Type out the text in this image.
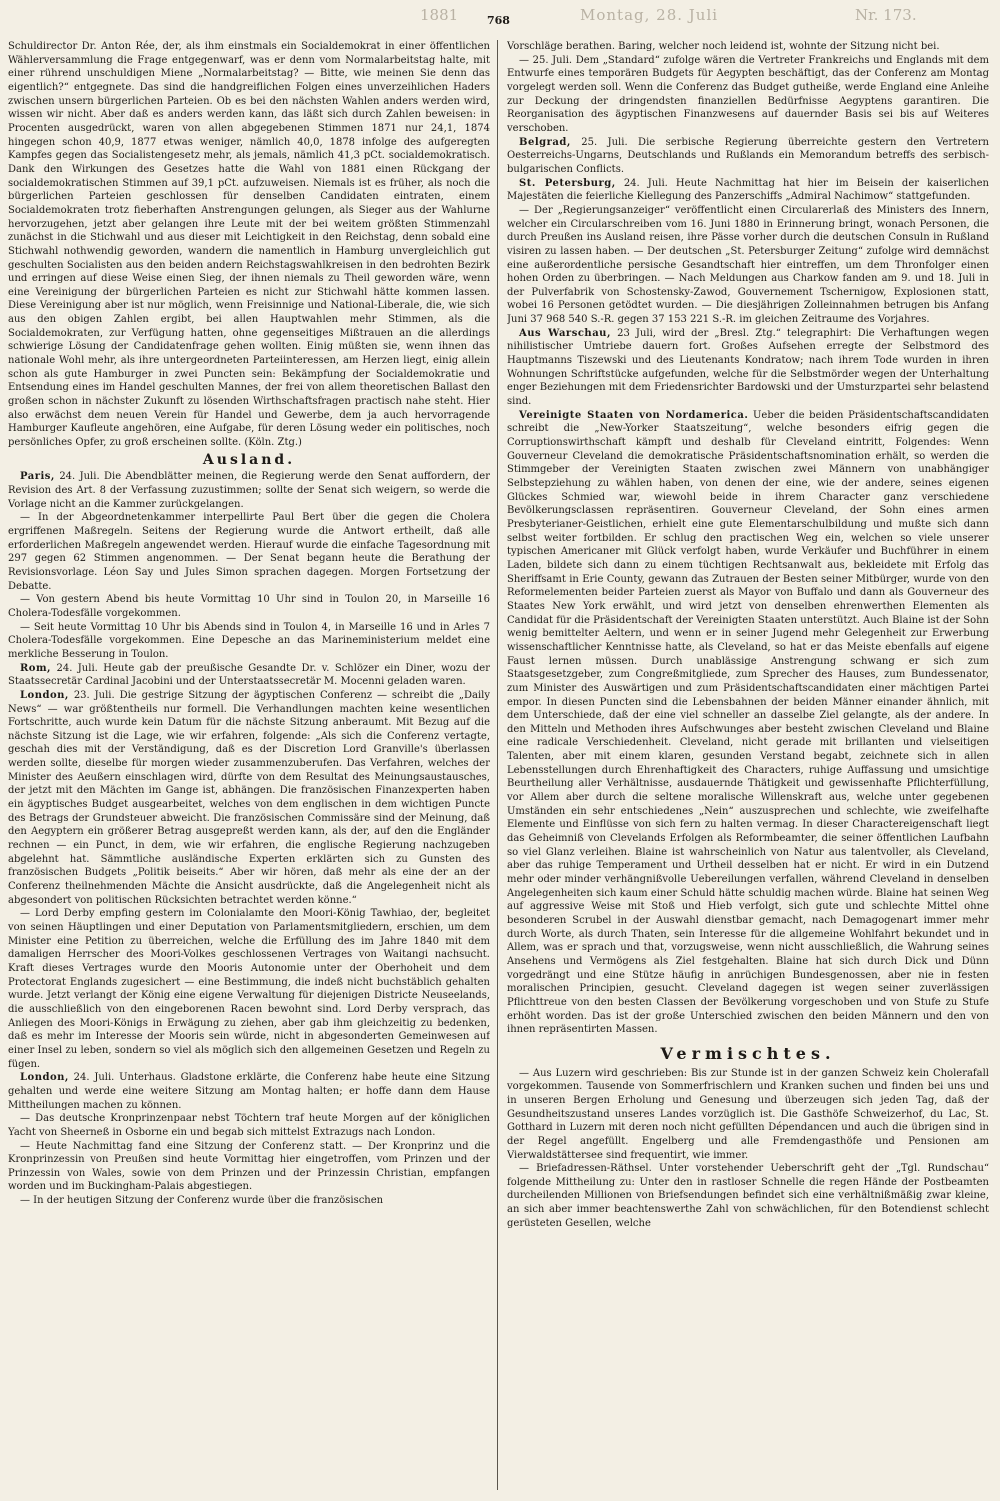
1881	768	Montag, 28. Juli	Nr. 173.

Schuldirector Dr. Anton Rée, der, als ihm einstmals ein Socialdemokrat in einer öffentlichen Wählerversammlung die Frage entgegenwarf, was er denn vom Normalarbeitstag halte, mit einer rührend unschuldigen Miene „Normalarbeitstag? — Bitte, wie meinen Sie denn das eigentlich?“ entgegnete. Das sind die handgreiflichen Folgen eines unverzeihlichen Haders zwischen unsern bürgerlichen Parteien. Ob es bei den nächsten Wahlen anders werden wird, wissen wir nicht. Aber daß es anders werden kann, das läßt sich durch Zahlen beweisen: in Procenten ausgedrückt, waren von allen abgegebenen Stimmen 1871 nur 24,1, 1874 hingegen schon 40,9, 1877 etwas weniger, nämlich 40,0, 1878 infolge des aufgeregten Kampfes gegen das Socialistengesetz mehr, als jemals, nämlich 41,3 pCt. socialdemokratisch. Dank den Wirkungen des Gesetzes hatte die Wahl von 1881 einen Rückgang der socialdemokratischen Stimmen auf 39,1 pCt. aufzuweisen. Niemals ist es früher, als noch die bürgerlichen Parteien geschlossen für denselben Candidaten eintraten, einem Socialdemokraten trotz fieberhaften Anstrengungen gelungen, als Sieger aus der Wahlurne hervorzugehen, jetzt aber gelangen ihre Leute mit der bei weitem größten Stimmenzahl zunächst in die Stichwahl und aus dieser mit Leichtigkeit in den Reichstag, denn sobald eine Stichwahl nothwendig geworden, wandern die namentlich in Hamburg unverglеichlich gut geschulten Socialisten aus den beiden andern Reichstagswahlkreisen in den bedrohten Bezirk und erringen auf diese Weise einen Sieg, der ihnen niemals zu Theil geworden wäre, wenn eine Vereinigung der bürgerlichen Parteien es nicht zur Stichwahl hätte kommen lassen. Diese Vereinigung aber ist nur möglich, wenn Freisinnige und National-Liberale, die, wie sich aus den obigen Zahlen ergibt, bei allen Hauptwahlen mehr Stimmen, als die Socialdemokraten, zur Verfügung hatten, ohne gegenseitiges Mißtrauen an die allerdings schwierige Lösung der Candidatenfrage gehen wollten. Einig müßten sie, wenn ihnen das nationale Wohl mehr, als ihre untergeordneten Parteiinteressen, am Herzen liegt, einig allein schon als gute Hamburger in zwei Puncten sein: Bekämpfung der Socialdemokratie und Entsendung eines im Handel geschulten Mannes, der frei von allem theoretischen Ballast den großen schon in nächster Zukunft zu lösenden Wirthschaftsfragen practisch nahe steht. Hier also erwächst dem neuen Verein für Handel und Gewerbe, dem ja auch hervorragende Hamburger Kaufleute angehören, eine Aufgabe, für deren Lösung weder ein politisches, noch persönliches Opfer, zu groß erscheinen sollte. (Köln. Ztg.)

Ausland.

Paris, 24. Juli. Die Abendblätter meinen, die Regierung werde den Senat auffordern, der Revision des Art. 8 der Verfassung zuzustimmen; sollte der Senat sich weigern, so werde die Vorlage nicht an die Kammer zurückgelangen.

— In der Abgeordnetenkammer interpellirte Paul Bert über die gegen die Cholera ergriffenen Maßregeln. Seitens der Regierung wurde die Antwort ertheilt, daß alle erforderlichen Maßregeln angewendet werden. Hierauf wurde die einfache Tagesordnung mit 297 gegen 62 Stimmen angenommen. — Der Senat begann heute die Berathung der Revisionsvorlage. Léon Say und Jules Simon sprachen dagegen. Morgen Fortsetzung der Debatte.

— Von gestern Abend bis heute Vormittag 10 Uhr sind in Toulon 20, in Marseille 16 Cholera-Todesfälle vorgekommen.

— Seit heute Vormittag 10 Uhr bis Abends sind in Toulon 4, in Marseille 16 und in Arles 7 Cholera-Todesfälle vorgekommen. Eine Depesche an das Marineministerium meldet eine merkliche Besserung in Toulon.

Rom, 24. Juli. Heute gab der preußische Gesandte Dr. v. Schlözer ein Diner, wozu der Staatssecretär Cardinal Jacobini und der Unterstaatssecretär M. Mocenni geladen waren.

London, 23. Juli. Die gestrige Sitzung der ägyptischen Conferenz — schreibt die „Daily News“ — war größtentheils nur formell. Die Verhandlungen machten keine wesentlichen Fortschritte, auch wurde kein Datum für die nächste Sitzung anberaumt. Mit Bezug auf die nächste Sitzung ist die Lage, wie wir erfahren, folgende: „Als sich die Conferenz vertagte, geschah dies mit der Verständigung, daß es der Discretion Lord Granville's überlassen werden sollte, dieselbe für morgen wieder zusammenzuberufen. Das Verfahren, welches der Minister des Aeußern einschlagen wird, dürfte von dem Resultat des Meinungsaustausches, der jetzt mit den Mächten im Gange ist, abhängen. Die französischen Finanzexperten haben ein ägyptisches Budget ausgearbeitet, welches von dem englischen in dem wichtigen Puncte des Betrags der Grundsteuer abweicht. Die französischen Commissäre sind der Meinung, daß den Aegyptern ein größerer Betrag ausgepreßt werden kann, als der, auf den die Engländer rechnen — ein Punct, in dem, wie wir erfahren, die englische Regierung nachzugeben abgelehnt hat. Sämmtliche ausländische Experten erklärten sich zu Gunsten des französischen Budgets „Politik beiseits.“ Aber wir hören, daß mehr als eine der an der Conferenz theilnehmenden Mächte die Ansicht ausdrückte, daß die Angelegenheit nicht als abgesondert von politischen Rücksichten betrachtet werden könne.“

— Lord Derby empfing gestern im Colonialamte den Moori-König Tawhiao, der, begleitet von seinen Häuptlingen und einer Deputation von Parlamentsmitgliedern, erschien, um dem Minister eine Petition zu überreichen, welche die Erfüllung des im Jahre 1840 mit dem damaligen Herrscher des Moori-Volkes geschlossenen Vertrages von Waitangi nachsucht. Kraft dieses Vertrages wurde den Mooris Autonomie unter der Oberhoheit und dem Protectorat Englands zugesichert — eine Bestimmung, die indeß nicht buchstäblich gehalten wurde. Jetzt verlangt der König eine eigene Verwaltung für diejenigen Districte Neuseelands, die ausschließlich von den eingeborenen Racen bewohnt sind. Lord Derby versprach, das Anliegen des Moori-Königs in Erwägung zu ziehen, aber gab ihm gleichzeitig zu bedenken, daß es mehr im Interesse der Mooris sein würde, nicht in abgesonderten Gemeinwesen auf einer Insel zu leben, sondern so viel als möglich sich den allgemeinen Gesetzen und Regeln zu fügen.

London, 24. Juli. Unterhaus. Gladstone erklärte, die Conferenz habe heute eine Sitzung gehalten und werde eine weitere Sitzung am Montag halten; er hoffe dann dem Hause Mittheilungen machen zu können.

— Das deutsche Kronprinzenpaar nebst Töchtern traf heute Morgen auf der königlichen Yacht von Sheerneß in Osborne ein und begab sich mittelst Extrazugs nach London.

— Heute Nachmittag fand eine Sitzung der Conferenz statt. — Der Kronprinz und die Kronprinzessin von Preußen sind heute Vormittag hier eingetroffen, vom Prinzen und der Prinzessin von Wales, sowie von dem Prinzen und der Prinzessin Christian, empfangen worden und im Buckingham-Palais abgestiegen.

— In der heutigen Sitzung der Conferenz wurde über die französischen

Vorschläge berathen. Baring, welcher noch leidend ist, wohnte der Sitzung nicht bei.

— 25. Juli. Dem „Standard“ zufolge wären die Vertreter Frankreichs und Englands mit dem Entwurfe eines temporären Budgets für Aegypten beschäftigt, das der Conferenz am Montag vorgelegt werden soll. Wenn die Conferenz das Budget gutheiße, werde England eine Anleihe zur Deckung der dringendsten finanziellen Bedürfnisse Aegyptens garantiren. Die Reorganisation des ägyptischen Finanzwesens auf dauernder Basis sei bis auf Weiteres verschoben.

Belgrad, 25. Juli. Die serbische Regierung überreichte gestern den Vertretern Oesterreichs-Ungarns, Deutschlands und Rußlands ein Memorandum betreffs des serbisch-bulgarischen Conflicts.

St. Petersburg, 24. Juli. Heute Nachmittag hat hier im Beisein der kaiserlichen Majestäten die feierliche Kiellegung des Panzerschiffs „Admiral Nachimow“ stattgefunden.

— Der „Regierungsanzeiger“ veröffentlicht einen Circularerlaß des Ministers des Innern, welcher ein Circularschreiben vom 16. Juni 1880 in Erinnerung bringt, wonach Personen, die durch Preußen ins Ausland reisen, ihre Pässe vorher durch die deutschen Consuln in Rußland visiren zu lassen haben. — Der deutschen „St. Petersburger Zeitung“ zufolge wird demnächst eine außerordentliche persische Gesandtschaft hier eintreffen, um dem Thronfolger einen hohen Orden zu überbringen. — Nach Meldungen aus Charkow fanden am 9. und 18. Juli in der Pulverfabrik von Schostensky-Zawod, Gouvernement Tschernigow, Explosionen statt, wobei 16 Personen getödtet wurden. — Die diesjährigen Zolleinnahmen betrugen bis Anfang Juni 37 968 540 S.-R. gegen 37 153 221 S.-R. im gleichen Zeitraume des Vorjahres.

Aus Warschau, 23 Juli, wird der „Bresl. Ztg.“ telegraphirt: Die Verhaftungen wegen nihilistischer Umtriebe dauern fort. Großes Aufsehen erregte der Selbstmord des Hauptmanns Tiszewski und des Lieutenants Kondratow; nach ihrem Tode wurden in ihren Wohnungen Schriftstücke aufgefunden, welche für die Selbstmörder wegen der Unterhaltung enger Beziehungen mit dem Friedensrichter Bardowski und der Umsturzpartei sehr belastend sind.

Vereinigte Staaten von Nordamerica. Ueber die beiden Präsidentschaftscandidaten schreibt die „New-Yorker Staatszeitung“, welche besonders eifrig gegen die Corruptionswirthschaft kämpft und deshalb für Cleveland eintritt, Folgendes: Wenn Gouverneur Cleveland die demokratische Präsidentschaftsnomination erhält, so werden die Stimmgeber der Vereinigten Staaten zwischen zwei Männern von unabhängiger Selbstерziehung zu wählen haben, von denen der eine, wie der andere, seines eigenen Glückes Schmied war, wiewohl beide in ihrem Character ganz verschiedene Bevölkerungsclassen repräsentiren. Gouverneur Cleveland, der Sohn eines armen Presbyterianer-Geistlichen, erhielt eine gute Elementarschulbildung und mußte sich dann selbst weiter fortbilden. Er schlug den practischen Weg ein, welchen so viele unserer typischen Americaner mit Glück verfolgt haben, wurde Verkäufer und Buchführer in einem Laden, bildete sich dann zu einem tüchtigen Rechtsanwalt aus, bekleidete mit Erfolg das Sheriffsamt in Erie County, gewann das Zutrauen der Besten seiner Mitbürger, wurde von den Reformelementen beider Parteien zuerst als Mayor von Buffalo und dann als Gouverneur des Staates New York erwählt, und wird jetzt von denselben ehrenwerthen Elementen als Candidat für die Präsidentschaft der Vereinigten Staaten unterstützt. Auch Blaine ist der Sohn wenig bemittelter Aeltern, und wenn er in seiner Jugend mehr Gelegenheit zur Erwerbung wissenschaftlicher Kenntnisse hatte, als Cleveland, so hat er das Meiste ebenfalls auf eigene Faust lernen müssen. Durch unablässige Anstrengung schwang er sich zum Staatsgesetzgeber, zum Congreßmitgliede, zum Sprecher des Hauses, zum Bundessenator, zum Minister des Auswärtigen und zum Präsidentschaftscandidaten einer mächtigen Partei empor. In diesen Puncten sind die Lebensbahnen der beiden Männer einander ähnlich, mit dem Unterschiede, daß der eine viel schneller an dasselbe Ziel gelangte, als der andere. In den Mitteln und Methoden ihres Aufschwunges aber besteht zwischen Cleveland und Blaine eine radicale Verschiedenheit. Cleveland, nicht gerade mit brillanten und vielseitigen Talenten, aber mit einem klaren, gesunden Verstand begabt, zeichnete sich in allen Lebensstellungen durch Ehrenhaftigkeit des Characters, ruhige Auffassung und umsichtige Beurtheilung aller Verhältnisse, ausdauernde Thätigkeit und gewissenhafte Pflichterfüllung, vor Allem aber durch die seltene moralische Willenskraft aus, welche unter gegebenen Umständen ein sehr entschiedenes „Nein“ auszusprechen und schlechte, wie zweifelhafte Elemente und Einflüsse von sich fern zu halten vermag. In dieser Charactereigenschaft liegt das Geheimniß von Clevelands Erfolgen als Reformbeamter, die seiner öffentlichen Laufbahn so viel Glanz verleihen. Blaine ist wahrscheinlich von Natur aus talentvoller, als Cleveland, aber das ruhige Temperament und Urtheil desselben hat er nicht. Er wird in ein Dutzend mehr oder minder verhängnißvolle Uebereilungen verfallen, während Cleveland in denselben Angelegenheiten sich kaum einer Schuld hätte schuldig machen würde. Blaine hat seinen Weg auf aggressive Weise mit Stoß und Hieb verfolgt, sich gute und schlechte Mittel ohne besonderen Scrubel in der Auswahl dienstbar gemacht, nach Demagogenart immer mehr durch Worte, als durch Thaten, sein Interesse für die allgemeine Wohlfahrt bekundet und in Allem, was er sprach und that, vorzugsweise, wenn nicht ausschließlich, die Wahrung seines Ansehens und Vermögens als Ziel festgehalten. Blaine hat sich durch Dick und Dünn vorgedrängt und eine Stütze häufig in anrüchigen Bundesgenossen, aber nie in festen moralischen Principien, gesucht. Cleveland dagegen ist wegen seiner zuverlässigen Pflichttreue von den besten Classen der Bevölkerung vorgeschoben und von Stufe zu Stufe erhöht worden. Das ist der große Unterschied zwischen den beiden Männern und den von ihnen repräsentirten Massen.

Vermischtes.

— Aus Luzern wird geschrieben: Bis zur Stunde ist in der ganzen Schweiz kein Cholerafall vorgekommen. Tausende von Sommerfrischlern und Kranken suchen und finden bei uns und in unseren Bergen Erholung und Genesung und überzeugen sich jeden Tag, daß der Gesundheitszustand unseres Landes vorzüglich ist. Die Gasthöfe Schweizerhof, du Lac, St. Gotthard in Luzern mit deren noch nicht gefüllten Dépendancen und auch die übrigen sind in der Regel angefüllt. Engelberg und alle Fremdengasthöfe und Pensionen am Vierwaldstättersee sind frequentirt, wie immer.

— Briefadressen-Räthsel. Unter vorstehender Ueberschrift geht der „Tgl. Rundschau“ folgende Mittheilung zu: Unter den in rastloser Schnelle die regen Hände der Postbeamten durcheilenden Millionen von Briefsendungen befindet sich eine verhältnißmäßig zwar kleine, an sich aber immer beachtenswerthe Zahl von schwächlichen, für den Botendienst schlecht gerüsteten Gesellen, welche
